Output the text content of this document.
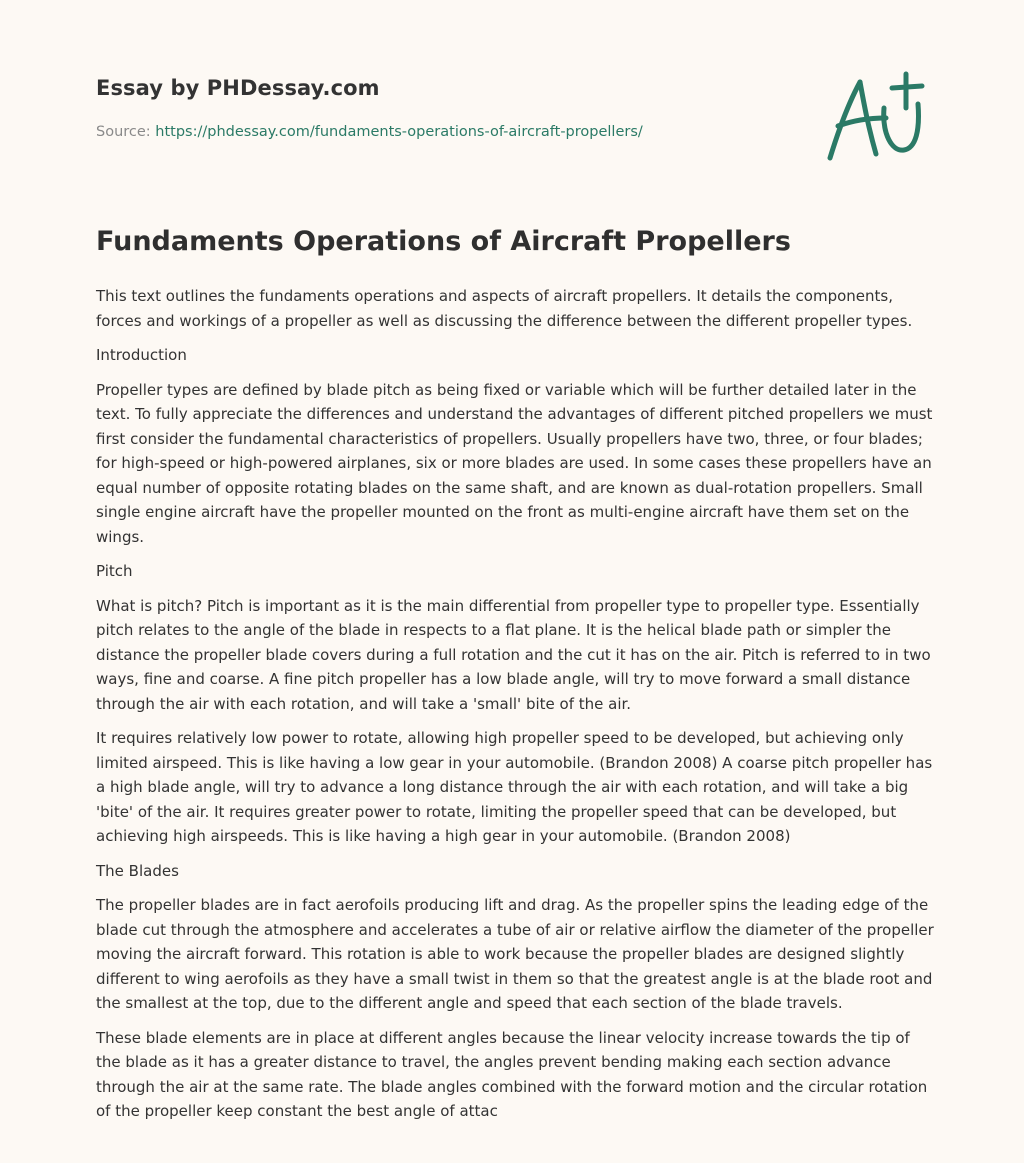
Essay by PHDessay.com
Source: https://phdessay.com/fundaments-operations-of-aircraft-propellers/
Fundaments Operations of Aircraft Propellers

This text outlines the fundaments operations and aspects of aircraft propellers. It details the components, forces and workings of a propeller as well as discussing the difference between the different propeller types.

Introduction

Propeller types are defined by blade pitch as being fixed or variable which will be further detailed later in the text. To fully appreciate the differences and understand the advantages of different pitched propellers we must first consider the fundamental characteristics of propellers. Usually propellers have two, three, or four blades; for high-speed or high-powered airplanes, six or more blades are used. In some cases these propellers have an equal number of opposite rotating blades on the same shaft, and are known as dual-rotation propellers. Small single engine aircraft have the propeller mounted on the front as multi-engine aircraft have them set on the wings.

Pitch

What is pitch? Pitch is important as it is the main differential from propeller type to propeller type. Essentially pitch relates to the angle of the blade in respects to a flat plane. It is the helical blade path or simpler the distance the propeller blade covers during a full rotation and the cut it has on the air. Pitch is referred to in two ways, fine and coarse. A fine pitch propeller has a low blade angle, will try to move forward a small distance through the air with each rotation, and will take a 'small' bite of the air.

It requires relatively low power to rotate, allowing high propeller speed to be developed, but achieving only limited airspeed. This is like having a low gear in your automobile. (Brandon 2008) A coarse pitch propeller has a high blade angle, will try to advance a long distance through the air with each rotation, and will take a big 'bite' of the air. It requires greater power to rotate, limiting the propeller speed that can be developed, but achieving high airspeeds. This is like having a high gear in your automobile. (Brandon 2008)

The Blades

The propeller blades are in fact aerofoils producing lift and drag. As the propeller spins the leading edge of the blade cut through the atmosphere and accelerates a tube of air or relative airflow the diameter of the propeller moving the aircraft forward. This rotation is able to work because the propeller blades are designed slightly different to wing aerofoils as they have a small twist in them so that the greatest angle is at the blade root and the smallest at the top, due to the different angle and speed that each section of the blade travels.

These blade elements are in place at different angles because the linear velocity increase towards the tip of the blade as it has a greater distance to travel, the angles prevent bending making each section advance through the air at the same rate. The blade angles combined with the forward motion and the circular rotation of the propeller keep constant the best angle of attac
